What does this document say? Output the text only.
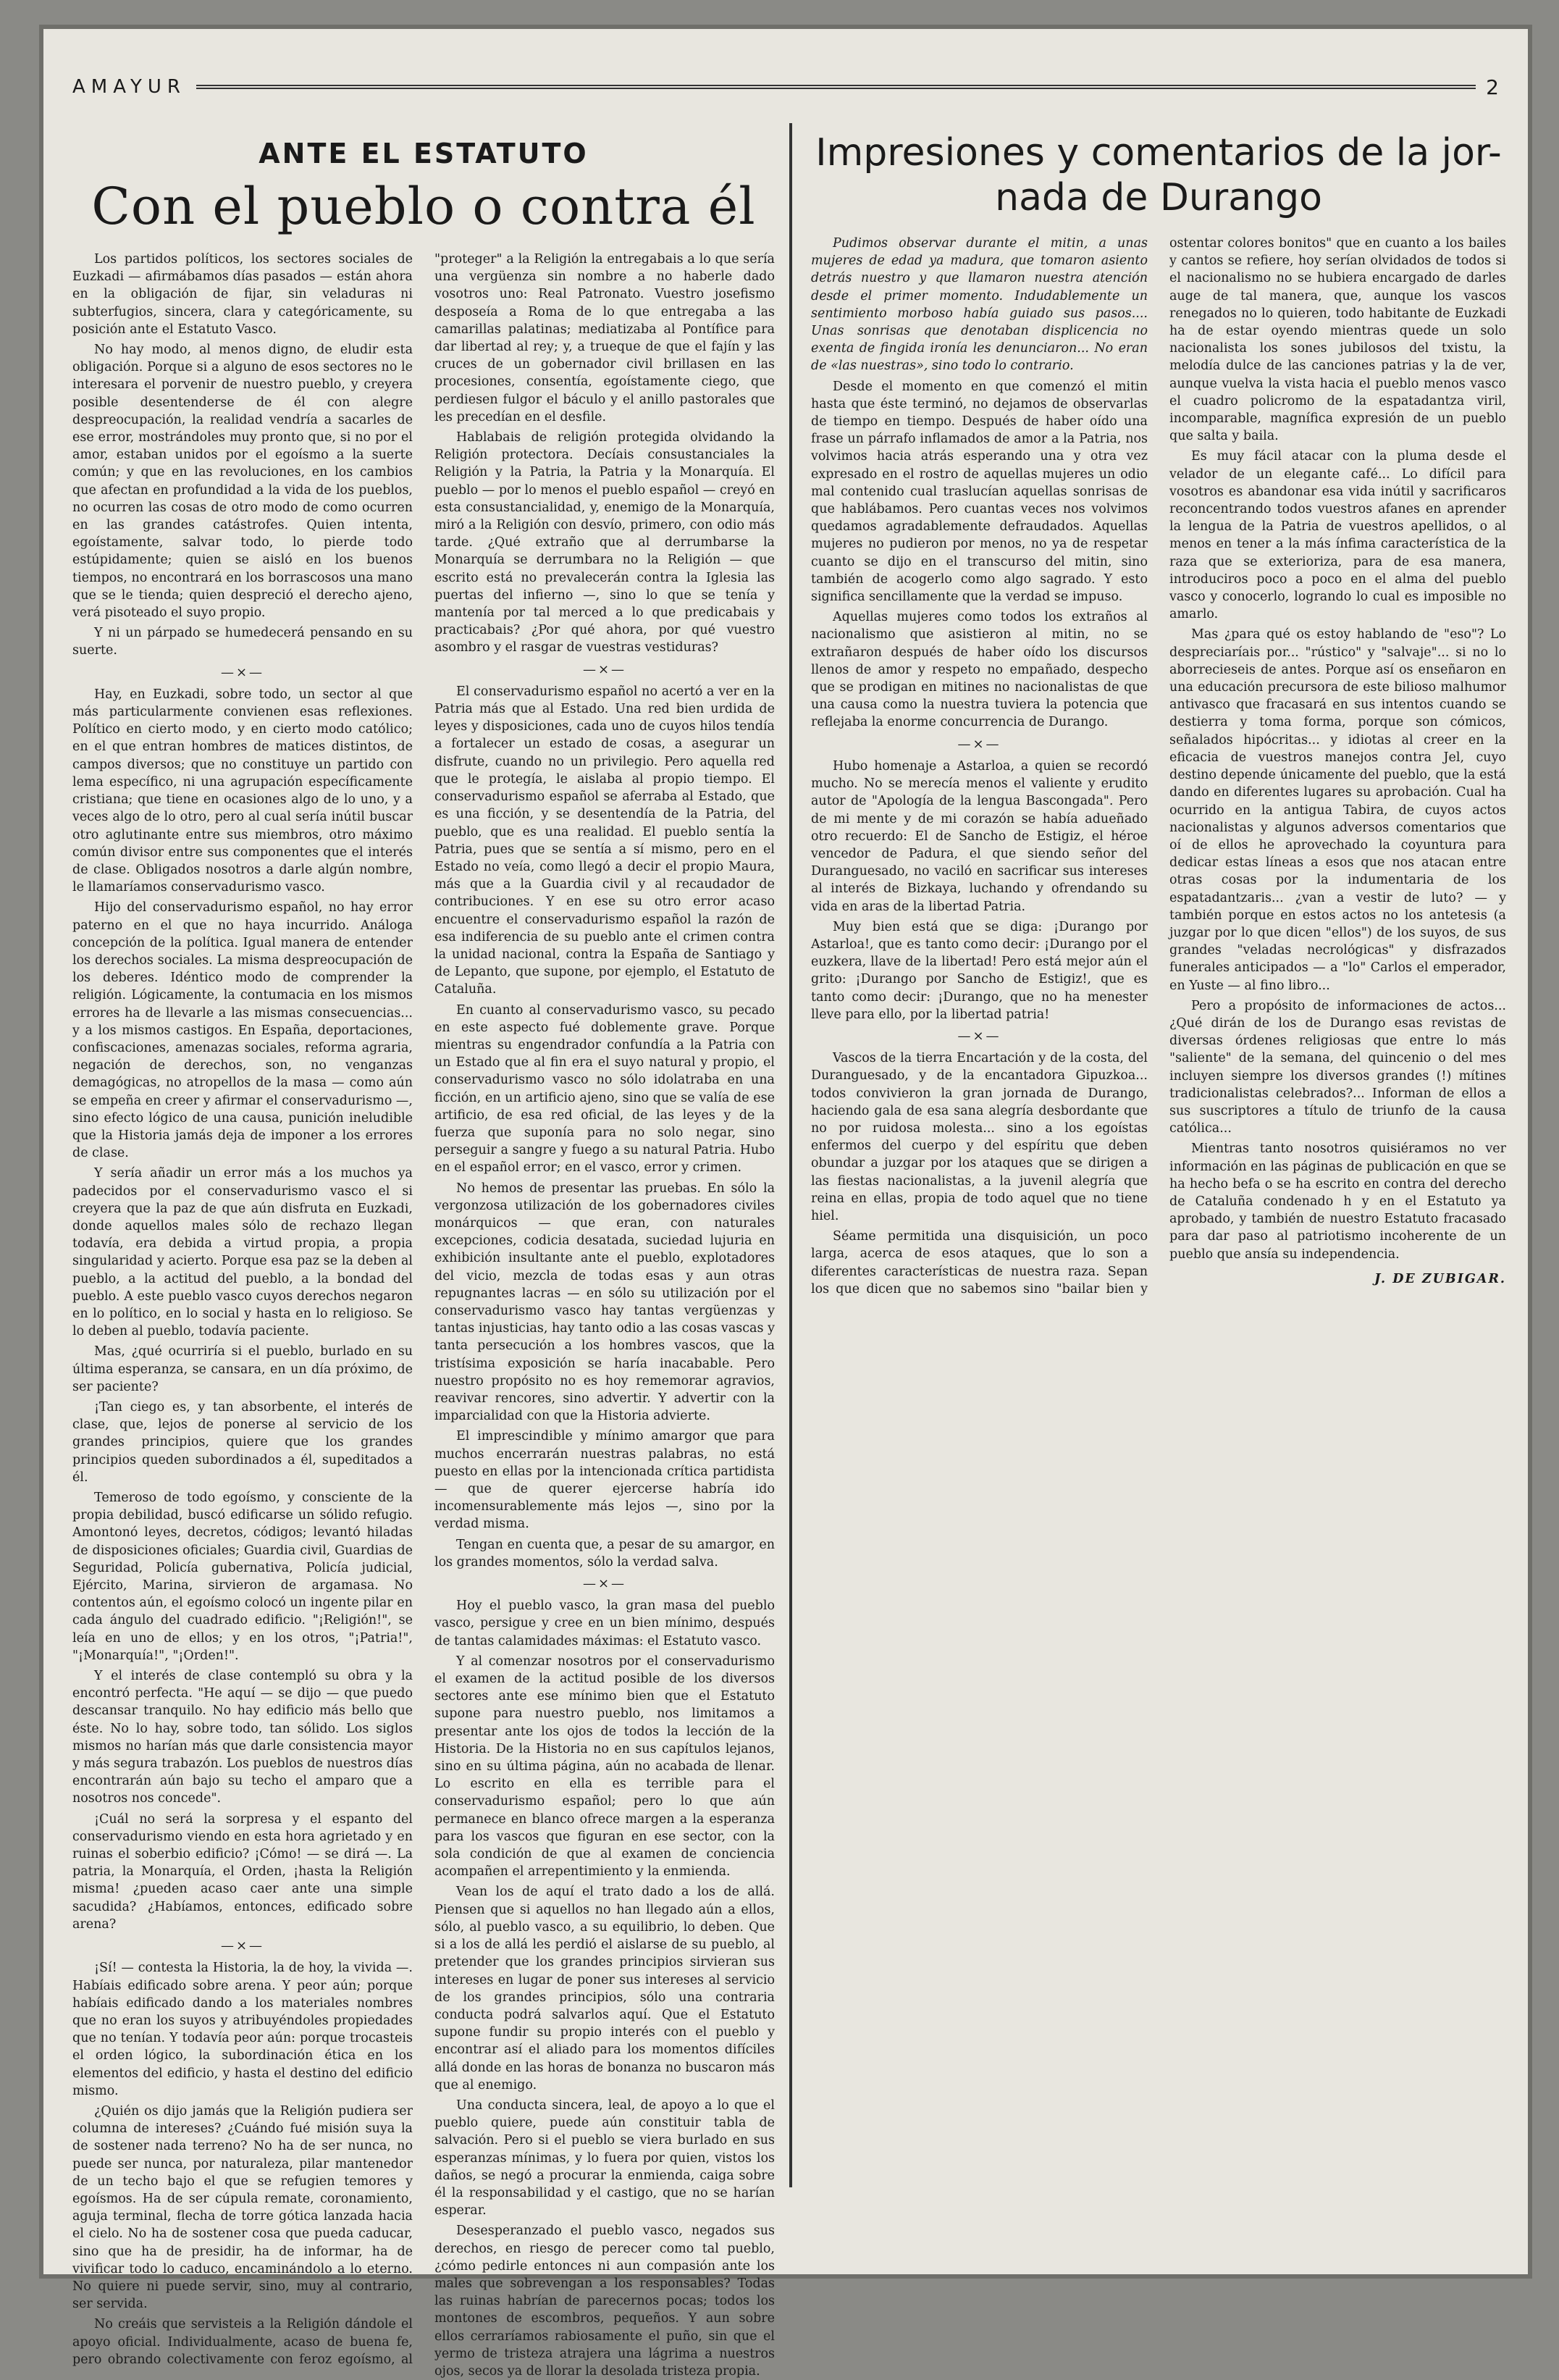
AMAYUR	2
ANTE EL ESTATUTO
Con el pueblo o contra él

Los partidos políticos, los sectores sociales de Euzkadi — afirmábamos días pasados — están ahora en la obligación de fijar, sin veladuras ni subterfugios, sincera, clara y categóricamente, su posición ante el Estatuto Vasco.

No hay modo, al menos digno, de eludir esta obligación. Porque si a alguno de esos sectores no le interesara el porvenir de nuestro pueblo, y creyera posible desentenderse de él con alegre despreocupación, la realidad vendría a sacarles de ese error, mostrándoles muy pronto que, si no por el amor, estaban unidos por el egoísmo a la suerte común; y que en las revoluciones, en los cambios que afectan en profundidad a la vida de los pueblos, no ocurren las cosas de otro modo de como ocurren en las grandes catástrofes. Quien intenta, egoístamente, salvar todo, lo pierde todo estúpidamente; quien se aisló en los buenos tiempos, no encontrará en los borrascosos una mano que se le tienda; quien despreció el derecho ajeno, verá pisoteado el suyo propio.

Y ni un párpado se humedecerá pensando en su suerte.

—×—

Hay, en Euzkadi, sobre todo, un sector al que más particularmente convienen esas reflexiones. Político en cierto modo, y en cierto modo católico; en el que entran hombres de matices distintos, de campos diversos; que no constituye un partido con lema específico, ni una agrupación específicamente cristiana; que tiene en ocasiones algo de lo uno, y a veces algo de lo otro, pero al cual sería inútil buscar otro aglutinante entre sus miembros, otro máximo común divisor entre sus componentes que el interés de clase. Obligados nosotros a darle algún nombre, le llamaríamos conservadurismo vasco.

Hijo del conservadurismo español, no hay error paterno en el que no haya incurrido. Análoga concepción de la política. Igual manera de entender los derechos sociales. La misma despreocupación de los deberes. Idéntico modo de comprender la religión. Lógicamente, la contumacia en los mismos errores ha de llevarle a las mismas consecuencias... y a los mismos castigos. En España, deportaciones, confiscaciones, amenazas sociales, reforma agraria, negación de derechos, son, no venganzas demagógicas, no atropellos de la masa — como aún se empeña en creer y afirmar el conservadurismo —, sino efecto lógico de una causa, punición ineludible que la Historia jamás deja de imponer a los errores de clase.

Y sería añadir un error más a los muchos ya padecidos por el conservadurismo vasco el si creyera que la paz de que aún disfruta en Euzkadi, donde aquellos males sólo de rechazo llegan todavía, era debida a virtud propia, a propia singularidad y acierto. Porque esa paz se la deben al pueblo, a la actitud del pueblo, a la bondad del pueblo. A este pueblo vasco cuyos derechos negaron en lo político, en lo social y hasta en lo religioso. Se lo deben al pueblo, todavía paciente.

Mas, ¿qué ocurriría si el pueblo, burlado en su última esperanza, se cansara, en un día próximo, de ser paciente?

¡Tan ciego es, y tan absorbente, el interés de clase, que, lejos de ponerse al servicio de los grandes principios, quiere que los grandes principios queden subordinados a él, supeditados a él.

Temeroso de todo egoísmo, y consciente de la propia debilidad, buscó edificarse un sólido refugio. Amontonó leyes, decretos, códigos; levantó hiladas de disposiciones oficiales; Guardia civil, Guardias de Seguridad, Policía gubernativa, Policía judicial, Ejército, Marina, sirvieron de argamasa. No contentos aún, el egoísmo colocó un ingente pilar en cada ángulo del cuadrado edificio. "¡Religión!", se leía en uno de ellos; y en los otros, "¡Patria!", "¡Monarquía!", "¡Orden!".

Y el interés de clase contempló su obra y la encontró perfecta. "He aquí — se dijo — que puedo descansar tranquilo. No hay edificio más bello que éste. No lo hay, sobre todo, tan sólido. Los siglos mismos no harían más que darle consistencia mayor y más segura trabazón. Los pueblos de nuestros días encontrarán aún bajo su techo el amparo que a nosotros nos concede".

¡Cuál no será la sorpresa y el espanto del conservadurismo viendo en esta hora agrietado y en ruinas el soberbio edificio? ¡Cómo! — se dirá —. La patria, la Monarquía, el Orden, ¡hasta la Religión misma! ¿pueden acaso caer ante una simple sacudida? ¿Habíamos, entonces, edificado sobre arena?

—×—

¡Sí! — contesta la Historia, la de hoy, la vivida —. Habíais edificado sobre arena. Y peor aún; porque habíais edificado dando a los materiales nombres que no eran los suyos y atribuyéndoles propiedades que no tenían. Y todavía peor aún: porque trocasteis el orden lógico, la subordinación ética en los elementos del edificio, y hasta el destino del edificio mismo.

¿Quién os dijo jamás que la Religión pudiera ser columna de intereses? ¿Cuándo fué misión suya la de sostener nada terreno? No ha de ser nunca, no puede ser nunca, por naturaleza, pilar mantenedor de un techo bajo el que se refugien temores y egoísmos. Ha de ser cúpula remate, coronamiento, aguja terminal, flecha de torre gótica lanzada hacia el cielo. No ha de sostener cosa que pueda caducar, sino que ha de presidir, ha de informar, ha de vivificar todo lo caduco, encaminándolo a lo eterno. No quiere ni puede servir, sino, muy al contrario, ser servida.

No creáis que servisteis a la Religión dándole el apoyo oficial. Individualmente, acaso de buena fe, pero obrando colectivamente con feroz egoísmo, al "proteger" a la Religión la entregabais a lo que sería una vergüenza sin nombre a no haberle dado vosotros uno: Real Patronato. Vuestro josefismo desposeía a Roma de lo que entregaba a las camarillas palatinas; mediatizaba al Pontífice para dar libertad al rey; y, a trueque de que el fajín y las cruces de un gobernador civil brillasen en las procesiones, consentía, egoístamente ciego, que perdiesen fulgor el báculo y el anillo pastorales que les precedían en el desfile.

Hablabais de religión protegida olvidando la Religión protectora. Decíais consustanciales la Religión y la Patria, la Patria y la Monarquía. El pueblo — por lo menos el pueblo español — creyó en esta consustancialidad, y, enemigo de la Monarquía, miró a la Religión con desvío, primero, con odio más tarde. ¿Qué extraño que al derrumbarse la Monarquía se derrumbara no la Religión — que escrito está no prevalecerán contra la Iglesia las puertas del infierno —, sino lo que se tenía y mantenía por tal merced a lo que predicabais y practicabais? ¿Por qué ahora, por qué vuestro asombro y el rasgar de vuestras vestiduras?

—×—

El conservadurismo español no acertó a ver en la Patria más que al Estado. Una red bien urdida de leyes y disposiciones, cada uno de cuyos hilos tendía a fortalecer un estado de cosas, a asegurar un disfrute, cuando no un privilegio. Pero aquella red que le protegía, le aislaba al propio tiempo. El conservadurismo español se aferraba al Estado, que es una ficción, y se desentendía de la Patria, del pueblo, que es una realidad. El pueblo sentía la Patria, pues que se sentía a sí mismo, pero en el Estado no veía, como llegó a decir el propio Maura, más que a la Guardia civil y al recaudador de contribuciones. Y en ese su otro error acaso encuentre el conservadurismo español la razón de esa indiferencia de su pueblo ante el crimen contra la unidad nacional, contra la España de Santiago y de Lepanto, que supone, por ejemplo, el Estatuto de Cataluña.

En cuanto al conservadurismo vasco, su pecado en este aspecto fué doblemente grave. Porque mientras su engendrador confundía a la Patria con un Estado que al fin era el suyo natural y propio, el conservadurismo vasco no sólo idolatraba en una ficción, en un artificio ajeno, sino que se valía de ese artificio, de esa red oficial, de las leyes y de la fuerza que suponía para no solo negar, sino perseguir a sangre y fuego a su natural Patria. Hubo en el español error; en el vasco, error y crimen.

No hemos de presentar las pruebas. En sólo la vergonzosa utilización de los gobernadores civiles monárquicos — que eran, con naturales excepciones, codicia desatada, suciedad lujuria en exhibición insultante ante el pueblo, explotadores del vicio, mezcla de todas esas y aun otras repugnantes lacras — en sólo su utilización por el conservadurismo vasco hay tantas vergüenzas y tantas injusticias, hay tanto odio a las cosas vascas y tanta persecución a los hombres vascos, que la tristísima exposición se haría inacabable. Pero nuestro propósito no es hoy rememorar agravios, reavivar rencores, sino advertir. Y advertir con la imparcialidad con que la Historia advierte.

El imprescindible y mínimo amargor que para muchos encerrarán nuestras palabras, no está puesto en ellas por la intencionada crítica partidista — que de querer ejercerse habría ido incomensurablemente más lejos —, sino por la verdad misma.

Tengan en cuenta que, a pesar de su amargor, en los grandes momentos, sólo la verdad salva.

—×—

Hoy el pueblo vasco, la gran masa del pueblo vasco, persigue y cree en un bien mínimo, después de tantas calamidades máximas: el Estatuto vasco.

Y al comenzar nosotros por el conservadurismo el examen de la actitud posible de los diversos sectores ante ese mínimo bien que el Estatuto supone para nuestro pueblo, nos limitamos a presentar ante los ojos de todos la lección de la Historia. De la Historia no en sus capítulos lejanos, sino en su última página, aún no acabada de llenar. Lo escrito en ella es terrible para el conservadurismo español; pero lo que aún permanece en blanco ofrece margen a la esperanza para los vascos que figuran en ese sector, con la sola condición de que al examen de conciencia acompañen el arrepentimiento y la enmienda.

Vean los de aquí el trato dado a los de allá. Piensen que si aquellos no han llegado aún a ellos, sólo, al pueblo vasco, a su equilibrio, lo deben. Que si a los de allá les perdió el aislarse de su pueblo, al pretender que los grandes principios sirvieran sus intereses en lugar de poner sus intereses al servicio de los grandes principios, sólo una contraria conducta podrá salvarlos aquí. Que el Estatuto supone fundir su propio interés con el pueblo y encontrar así el aliado para los momentos difíciles allá donde en las horas de bonanza no buscaron más que al enemigo.

Una conducta sincera, leal, de apoyo a lo que el pueblo quiere, puede aún constituir tabla de salvación. Pero si el pueblo se viera burlado en sus esperanzas mínimas, y lo fuera por quien, vistos los daños, se negó a procurar la enmienda, caiga sobre él la responsabilidad y el castigo, que no se harían esperar.

Desesperanzado el pueblo vasco, negados sus derechos, en riesgo de perecer como tal pueblo, ¿cómo pedirle entonces ni aun compasión ante los males que sobrevengan a los responsables? Todas las ruinas habrían de parecernos pocas; todos los montones de escombros, pequeños. Y aun sobre ellos cerraríamos rabiosamente el puño, sin que el yermo de tristeza atrajera una lágrima a nuestros ojos, secos ya de llorar la desolada tristeza propia.

Impresiones y comentarios de la jor-
nada de Durango

Pudimos observar durante el mitin, a unas mujeres de edad ya madura, que tomaron asiento detrás nuestro y que llamaron nuestra atención desde el primer momento. Indudablemente un sentimiento morboso había guiado sus pasos.... Unas sonrisas que denotaban displicencia no exenta de fingida ironía les denunciaron... No eran de «las nuestras», sino todo lo contrario.

Desde el momento en que comenzó el mitin hasta que éste terminó, no dejamos de observarlas de tiempo en tiempo. Después de haber oído una frase un párrafo inflamados de amor a la Patria, nos volvimos hacia atrás esperando una y otra vez expresado en el rostro de aquellas mujeres un odio mal contenido cual traslucían aquellas sonrisas de que hablábamos. Pero cuantas veces nos volvimos quedamos agradablemente defraudados. Aquellas mujeres no pudieron por menos, no ya de respetar cuanto se dijo en el transcurso del mitin, sino también de acogerlo como algo sagrado. Y esto significa sencillamente que la verdad se impuso.

Aquellas mujeres como todos los extraños al nacionalismo que asistieron al mitin, no se extrañaron después de haber oído los discursos llenos de amor y respeto no empañado, despecho que se prodigan en mitines no nacionalistas de que una causa como la nuestra tuviera la potencia que reflejaba la enorme concurrencia de Durango.

—×—

Hubo homenaje a Astarloa, a quien se recordó mucho. No se merecía menos el valiente y erudito autor de "Apología de la lengua Bascongada". Pero de mi mente y de mi corazón se había adueñado otro recuerdo: El de Sancho de Estigiz, el héroe vencedor de Padura, el que siendo señor del Duranguesado, no vaciló en sacrificar sus intereses al interés de Bizkaya, luchando y ofrendando su vida en aras de la libertad Patria.

Muy bien está que se diga: ¡Durango por Astarloa!, que es tanto como decir: ¡Durango por el euzkera, llave de la libertad! Pero está mejor aún el grito: ¡Durango por Sancho de Estigiz!, que es tanto como decir: ¡Durango, que no ha menester lleve para ello, por la libertad patria!

—×—

Vascos de la tierra Encartación y de la costa, del Duranguesado, y de la encantadora Gipuzkoa... todos convivieron la gran jornada de Durango, haciendo gala de esa sana alegría desbordante que no por ruidosa molesta... sino a los egoístas enfermos del cuerpo y del espíritu que deben obundar a juzgar por los ataques que se dirigen a las fiestas nacionalistas, a la juvenil alegría que reina en ellas, propia de todo aquel que no tiene hiel.

Séame permitida una disquisición, un poco larga, acerca de esos ataques, que lo son a diferentes características de nuestra raza. Sepan los que dicen que no sabemos sino "bailar bien y ostentar colores bonitos" que en cuanto a los bailes y cantos se refiere, hoy serían olvidados de todos si el nacionalismo no se hubiera encargado de darles auge de tal manera, que, aunque los vascos renegados no lo quieren, todo habitante de Euzkadi ha de estar oyendo mientras quede un solo nacionalista los sones jubilosos del txistu, la melodía dulce de las canciones patrias y la de ver, aunque vuelva la vista hacia el pueblo menos vasco el cuadro policromo de la espatadantza viril, incomparable, magnífica expresión de un pueblo que salta y baila.

Es muy fácil atacar con la pluma desde el velador de un elegante café... Lo difícil para vosotros es abandonar esa vida inútil y sacrificaros reconcentrando todos vuestros afanes en aprender la lengua de la Patria de vuestros apellidos, o al menos en tener a la más ínfima característica de la raza que se exterioriza, para de esa manera, introduciros poco a poco en el alma del pueblo vasco y conocerlo, logrando lo cual es imposible no amarlo.

Mas ¿para qué os estoy hablando de "eso"? Lo despreciaríais por... "rústico" y "salvaje"... si no lo aborrecieseis de antes. Porque así os enseñaron en una educación precursora de este bilioso malhumor antivasco que fracasará en sus intentos cuando se destierra y toma forma, porque son cómicos, señalados hipócritas... y idiotas al creer en la eficacia de vuestros manejos contra Jel, cuyo destino depende únicamente del pueblo, que la está dando en diferentes lugares su aprobación. Cual ha ocurrido en la antigua Tabira, de cuyos actos nacionalistas y algunos adversos comentarios que oí de ellos he aprovechado la coyuntura para dedicar estas líneas a esos que nos atacan entre otras cosas por la indumentaria de los espatadantzaris... ¿van a vestir de luto? — y también porque en estos actos no los antetesis (a juzgar por lo que dicen "ellos") de los suyos, de sus grandes "veladas necrológicas" y disfrazados funerales anticipados — a "lo" Carlos el emperador, en Yuste — al fino libro...

Pero a propósito de informaciones de actos... ¿Qué dirán de los de Durango esas revistas de diversas órdenes religiosas que entre lo más "saliente" de la semana, del quincenio o del mes incluyen siempre los diversos grandes (!) mítines tradicionalistas celebrados?... Informan de ellos a sus suscriptores a título de triunfo de la causa católica...

Mientras tanto nosotros quisiéramos no ver información en las páginas de publicación en que se ha hecho befa o se ha escrito en contra del derecho de Cataluña condenado h y en el Estatuto ya aprobado, y también de nuestro Estatuto fracasado para dar paso al patriotismo incoherente de un pueblo que ansía su independencia.

J. DE ZUBIGAR.
